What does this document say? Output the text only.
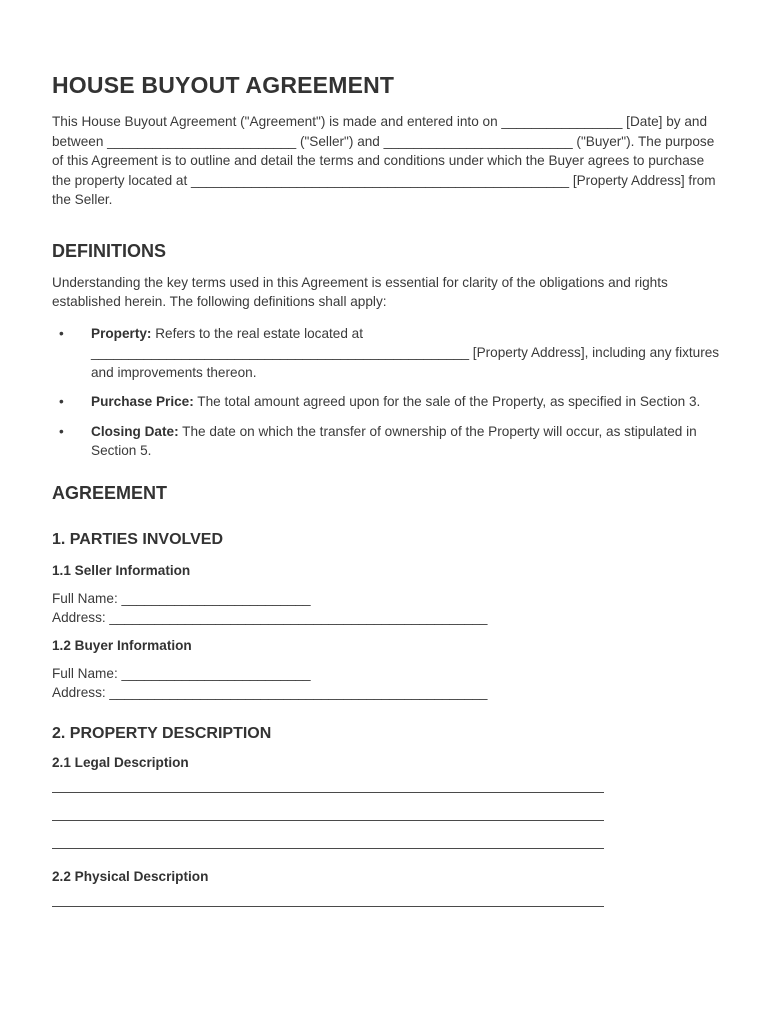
HOUSE BUYOUT AGREEMENT

This House Buyout Agreement ("Agreement") is made and entered into on ________________ [Date] by and between _________________________ ("Seller") and _________________________ ("Buyer"). The purpose of this Agreement is to outline and detail the terms and conditions under which the Buyer agrees to purchase the property located at __________________________________________________ [Property Address] from the Seller.

DEFINITIONS

Understanding the key terms used in this Agreement is essential for clarity of the obligations and rights established herein. The following definitions shall apply:

• Property: Refers to the real estate located at __________________________________________________ [Property Address], including any fixtures and improvements thereon.

• Purchase Price: The total amount agreed upon for the sale of the Property, as specified in Section 3.

• Closing Date: The date on which the transfer of ownership of the Property will occur, as stipulated in Section 5.

AGREEMENT
1. PARTIES INVOLVED
1.1 Seller Information

Full Name: _________________________

Address: __________________________________________________

1.2 Buyer Information

Full Name: _________________________

Address: __________________________________________________

2. PROPERTY DESCRIPTION
2.1 Legal Description
2.2 Physical Description
